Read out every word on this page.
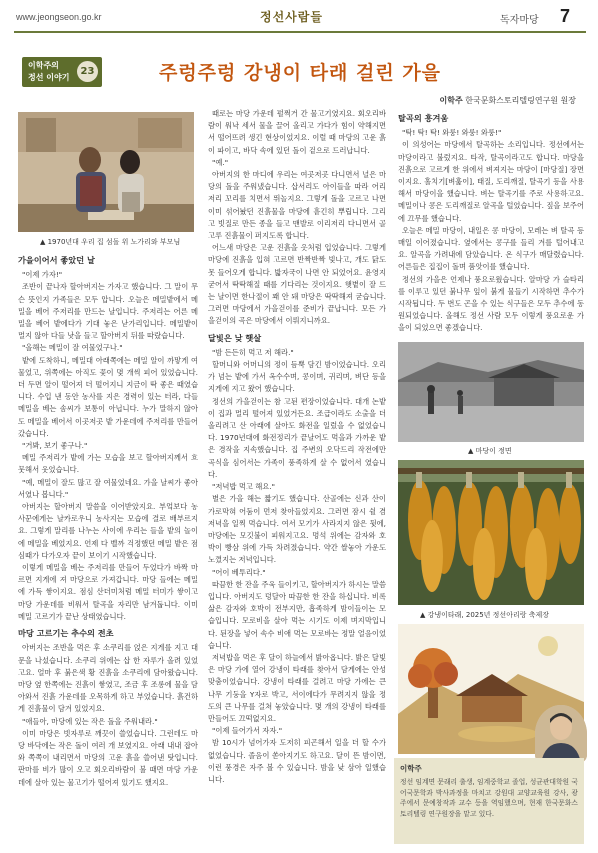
www.jeongseon.go.kr	정선사람들	독자마당 7
이학주의
정선 이야기
23	주렁주렁 강냉이 타래 걸린 가을
이학주 한국문화스토리텔링연구원 원장
▲ 1970년대 우리 집 섬돌 위 노가리와 부모님
가을이어서 좋았던 날

"이제 가자!"

조반이 끝나자 할아버지는 가자고 했습니다. 그 말이 무슨 뜻인지 가족들은 모두 압니다. 오늘은 메밀밭에서 메밀을 베어 주저리를 만드는 날입니다. 주저리는 어른 메밀을 베어 밭에다가 기대 놓은 낟가리입니다. 메밀밭이 멀지 않아 다들 낫을 들고 할아버지 뒤를 따랐습니다.

"올해는 메밀이 잘 여물었구나."

밭에 도착하니, 메밀대 아래쪽에는 메밀 알이 까맣게 여물었고, 위쪽에는 아직도 꽃이 몇 개씩 피어 있었습니다. 더 두면 알이 떨어져 더 떨어지니 지금이 딱 좋은 때였습니다. 수입 낸 동안 농사를 지은 경력이 있는 터라, 다들 메밀을 베는 솜씨가 보통이 아닙니다. 누가 말하지 않아도 메밀을 베어서 이곳저곳 밭 가운데에 주저리를 만들어 갔습니다.

"거봐, 보기 좋구나."

메밀 주저리가 밭에 가는 모습을 보고 할아버지께서 흐뭇해서 웃었습니다.

"예, 메밀이 잘도 많고 잘 여물었네요. 가을 날씨가 좋아서였나 봅니다."

아버지는 할아버지 말씀을 이어받았지요. 부엌보다 농사꾼에게는 날카로우니 농사지는 모습에 결로 배부르지요. 그렇게 말리를 나누는 사이에 우리는 들을 밭의 놀이에 메밀을 베었지요. 언제 다 벨까 걱정했던 메밀 밭은 점심때가 다가오자 끝이 보이기 시작했습니다.

이렇게 메밀을 베는 주저리를 만들어 두었다가 바짝 마르면 지게에 져 마당으로 가져갑니다. 마당 들에는 메밀에 가득 쌓이지요. 점심 산더미처럼 메밀 터미가 쌓이고 마당 가운데를 비워서 탈곡을 자리만 남겨둡니다. 이미 메밀 고르기가 끝난 상태였습니다.

마당 고르기는 추수의 전초

아버지는 조반을 먹은 후 소쿠리를 얹은 지게를 지고 대문을 나섰습니다. 소쿠리 위에는 삽 한 자루가 올려 있었고요. 얼마 후 붉은색 황 진흙을 소쿠리에 담아왔습니다. 마당 옆 한쪽에는 진흙이 쌓였고, 조금 후 조롱에 물을 담아와서 진흙 가운데를 오목하게 하고 부었습니다. 흙건하게 진흙물이 담겨 있었지요.

"애들아, 마당에 있는 작은 돌을 주워내라."

이미 마당은 빗자루로 깨끗이 쓸었습니다. 그런데도 마당 바닥에는 작은 돌이 여러 개 보였지요. 아래 내내 잡아와 쪽쪽이 내리면서 마당의 고운 흙을 쓸어낸 탓입니다. 판마를 비가 많이 오고 회오리바람이 불 때면 마당 가운데에 살아 있는 물고기가 떨어져 있기도 했지요.

때로는 마당 가운데 펄쩍거 간 물고기였지요. 회오리바람이 워낙 세서 물을 끌어 올리고 가다가 힘이 약해지면서 떨어뜨려 생긴 현상이었지요. 이럴 때 마당의 고운 흙이 파이고, 바닥 속에 있던 돌이 겉으로 드러납니다.

"예."

아버지의 한 마디에 우리는 여곳저곳 다니면서 널은 마당의 돌을 주워냈습니다. 삽서리도 아이들을 따라 어리저리 꼬리를 치면서 뛰놀지요. 그렇게 돌을 고르고 나면 이미 섞어놨던 진흙물을 마당에 흩긴히 뿌립니다. 그리고 빗질로 만든 종을 들고 맨발로 이리저리 다니면서 골고루 진흙물이 퍼지도록 합니다.

어느새 마당은 고운 진흙을 옷처럼 입었습니다. 그렇게 마당에 진흙을 입혀 고르면 반짝반짝 빛나고, 개도 닭도 못 들어오게 합니다. 밟자국이 나면 안 되었어요. 윤영지 굳어서 딱딱해질 때를 기다리는 것이지요. 햇볕이 잘 드는 날이면 한나절이 꽤 안 돼 마당은 딱딱해져 굳습니다. 그러면 마당에서 가을걷이를 준비가 끝납니다. 모든 가을걷이의 곡은 마당에서 이뤄지니까요.

달빛은 낮 햇살

"밤 든든히 먹고 저 해라."

할머니와 어머니의 정이 듬뿍 담긴 밤이었습니다. 오리가 넘는 밭에 가서 옥수수며, 콩이며, 귀리며, 벼단 등을 지게에 지고 왔어 했습니다.

정선의 가을걷이는 참 고된 편장이었습니다. 대개 논밭이 집과 멀리 떨어져 있었거든요. 조급이라도 소출을 더 올리려고 산 아래에 살아도 화전을 일렀을 수 없었습니다. 1970년대에 화전정리가 끝날어도 먹을과 가까운 밭은 경작을 지속했습니다. 집 주변의 오닥드리 작전에만 곡식을 심어서는 가족이 풍족하게 살 수 없어서 였습니다.

"저녁밥 먹고 해요."

별은 가을 해는 짧기도 했습니다. 산골에는 신과 산이 가로막혀 어둠이 먼저 찾아들었지요. 그러면 잠시 쉴 겸 저녁을 일찍 먹습니다. 여서 모기가 사라지지 않은 뒷에, 마당에는 모깃불이 피워지고요. 멍석 위에는 감자와 호박이 빵삼 위에 가득 차려졌습니다. 약간 쌀놓아 가운도 노꼈지는 저녁입니다.

"어이 베투리다."

따끔한 한 잔을 주욱 들이키고, 할아버지가 하시는 말씀입니다. 아버지도 덩달아 따끔한 한 잔을 하십니다. 비록 삶은 감자와 호박이 전부지만, 흡족하게 밤이들이는 모습입니다. 모로비을 살아 먹는 시기도 이제 며지막입니다. 된장을 넣어 속수 비애 먹는 모로바는 정말 얼음이었습니다.

저녁밥을 먹은 후 달이 하늘에서 밝아옵니다. 밝은 달빛은 마당 가에 열어 강냉이 타래를 찾아서 담게에는 안성맞춤이었습니다. 강냉이 타래를 걸려고 마당 가에는 큰 나무 기둥을 Y자로 박고, 서이에다가 무려지지 않을 정도의 큰 나무를 걸쳐 놓았습니다. 몇 개의 강냉이 타래를 만들어도 끄떡없지요.

"이제 들어가서 자자."

밤 10시가 넘어가자 도저히 피곤해서 일을 더 할 수가 없었습니다. 졸음이 쏟아지기도 하고요. 달이 뜬 밤이면, 이런 풍경은 자주 볼 수 있습니다. 밤을 낮 삼아 일했습니다.

탈곡의 흥겨움

"탁! 탁! 탁! 와룽! 와룽! 와룽!"

이 의성어는 마당에서 탈곡하는 소리입니다. 정선에서는 마당이라고 불렀지요. 타작, 탈곡이라고도 합니다. 마당을 진흙으로 고르게 한 위에서 벼져지는 마당이 [마당질] 장면이지요. 홀치기[벼훑이], 태질, 도리깨질, 탈곡기 등을 사용해서 마당이을 했습니다. 벼는 탈곡기를 주로 사용하고요. 메밀이나 콩은 도리깨질로 알곡을 털었습니다. 짚을 보주어에 끄무를 했습니다.

오늘은 메밀 마당이, 내일은 콩 마당이, 모레는 벼 탈곡 등 매일 이어졌습니다. 옆에서는 콩구를 들리 겨를 털어내고요. 알곡을 가려내에 담았습니다. 온 식구가 매달렸습니다. 어른들은 집집이 돌며 품앗이를 했습니다.

정선의 가을은 언제나 풍요로웠습니다. 알마당 가 슬타리를 이루고 있던 붉나무 잎이 붉게 물들기 시작하면 추수가 시작됩니다. 두 번도 곤을 수 있는 식구들은 모두 추수에 동원되었습니다. 올해도 정선 사람 모두 이렇게 풍요로운 가을이 되었으면 좋겠습니다.

▲ 마당이 정면
▲ 강냉이타래, 2025년 정선아리랑 축제장
이학주
정선 임계면 문래리 출생, 임계중학교 졸업, 성균관대학원 국어국문학과 박사과정을 마치고 강원대 교양교육원 강사, 광주에서 문예창작과 교수 등을 역임했으며, 현재 한국문화스토리텔링 연구원장을 맡고 있다.
